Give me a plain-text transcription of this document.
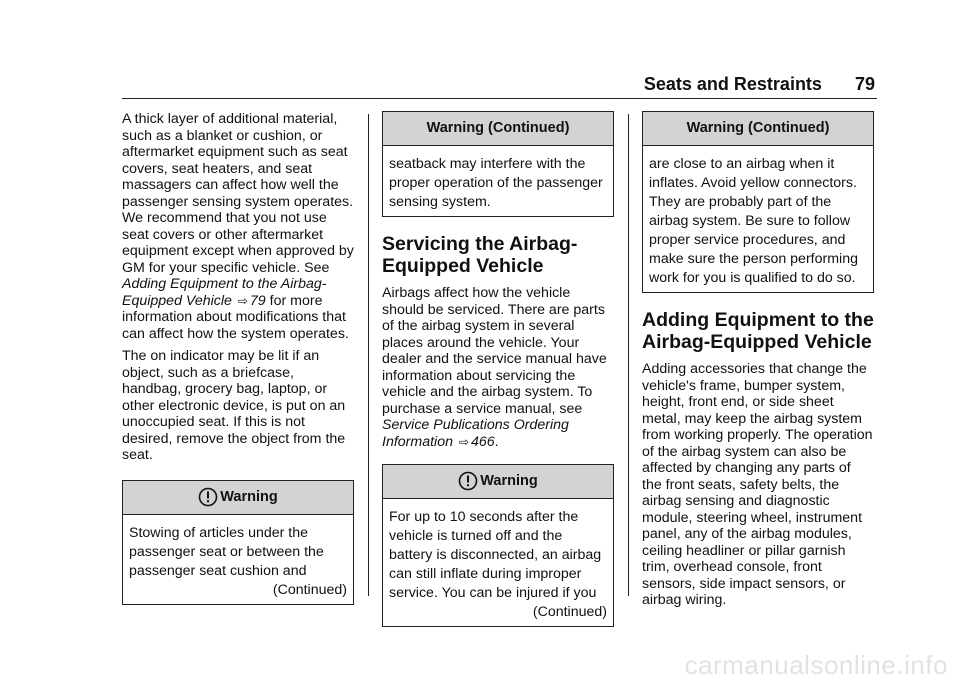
Seats and Restraints 79

A thick layer of additional material, such as a blanket or cushion, or aftermarket equipment such as seat covers, seat heaters, and seat massagers can affect how well the passenger sensing system operates. We recommend that you not use seat covers or other aftermarket equipment except when approved by GM for your specific vehicle. See Adding Equipment to the Airbag-Equipped Vehicle ⇨ 79 for more information about modifications that can affect how the system operates.

The on indicator may be lit if an object, such as a briefcase, handbag, grocery bag, laptop, or other electronic device, is put on an unoccupied seat. If this is not desired, remove the object from the seat.

Warning

Stowing of articles under the passenger seat or between the passenger seat cushion and

(Continued)

Warning (Continued)

seatback may interfere with the proper operation of the passenger sensing system.

Servicing the Airbag-Equipped Vehicle

Airbags affect how the vehicle should be serviced. There are parts of the airbag system in several places around the vehicle. Your dealer and the service manual have information about servicing the vehicle and the airbag system. To purchase a service manual, see Service Publications Ordering Information ⇨ 466.

Warning

For up to 10 seconds after the vehicle is turned off and the battery is disconnected, an airbag can still inflate during improper service. You can be injured if you

(Continued)

Warning (Continued)

are close to an airbag when it inflates. Avoid yellow connectors. They are probably part of the airbag system. Be sure to follow proper service procedures, and make sure the person performing work for you is qualified to do so.

Adding Equipment to the Airbag-Equipped Vehicle

Adding accessories that change the vehicle's frame, bumper system, height, front end, or side sheet metal, may keep the airbag system from working properly. The operation of the airbag system can also be affected by changing any parts of the front seats, safety belts, the airbag sensing and diagnostic module, steering wheel, instrument panel, any of the airbag modules, ceiling headliner or pillar garnish trim, overhead console, front sensors, side impact sensors, or airbag wiring.

carmanualsonline.info
